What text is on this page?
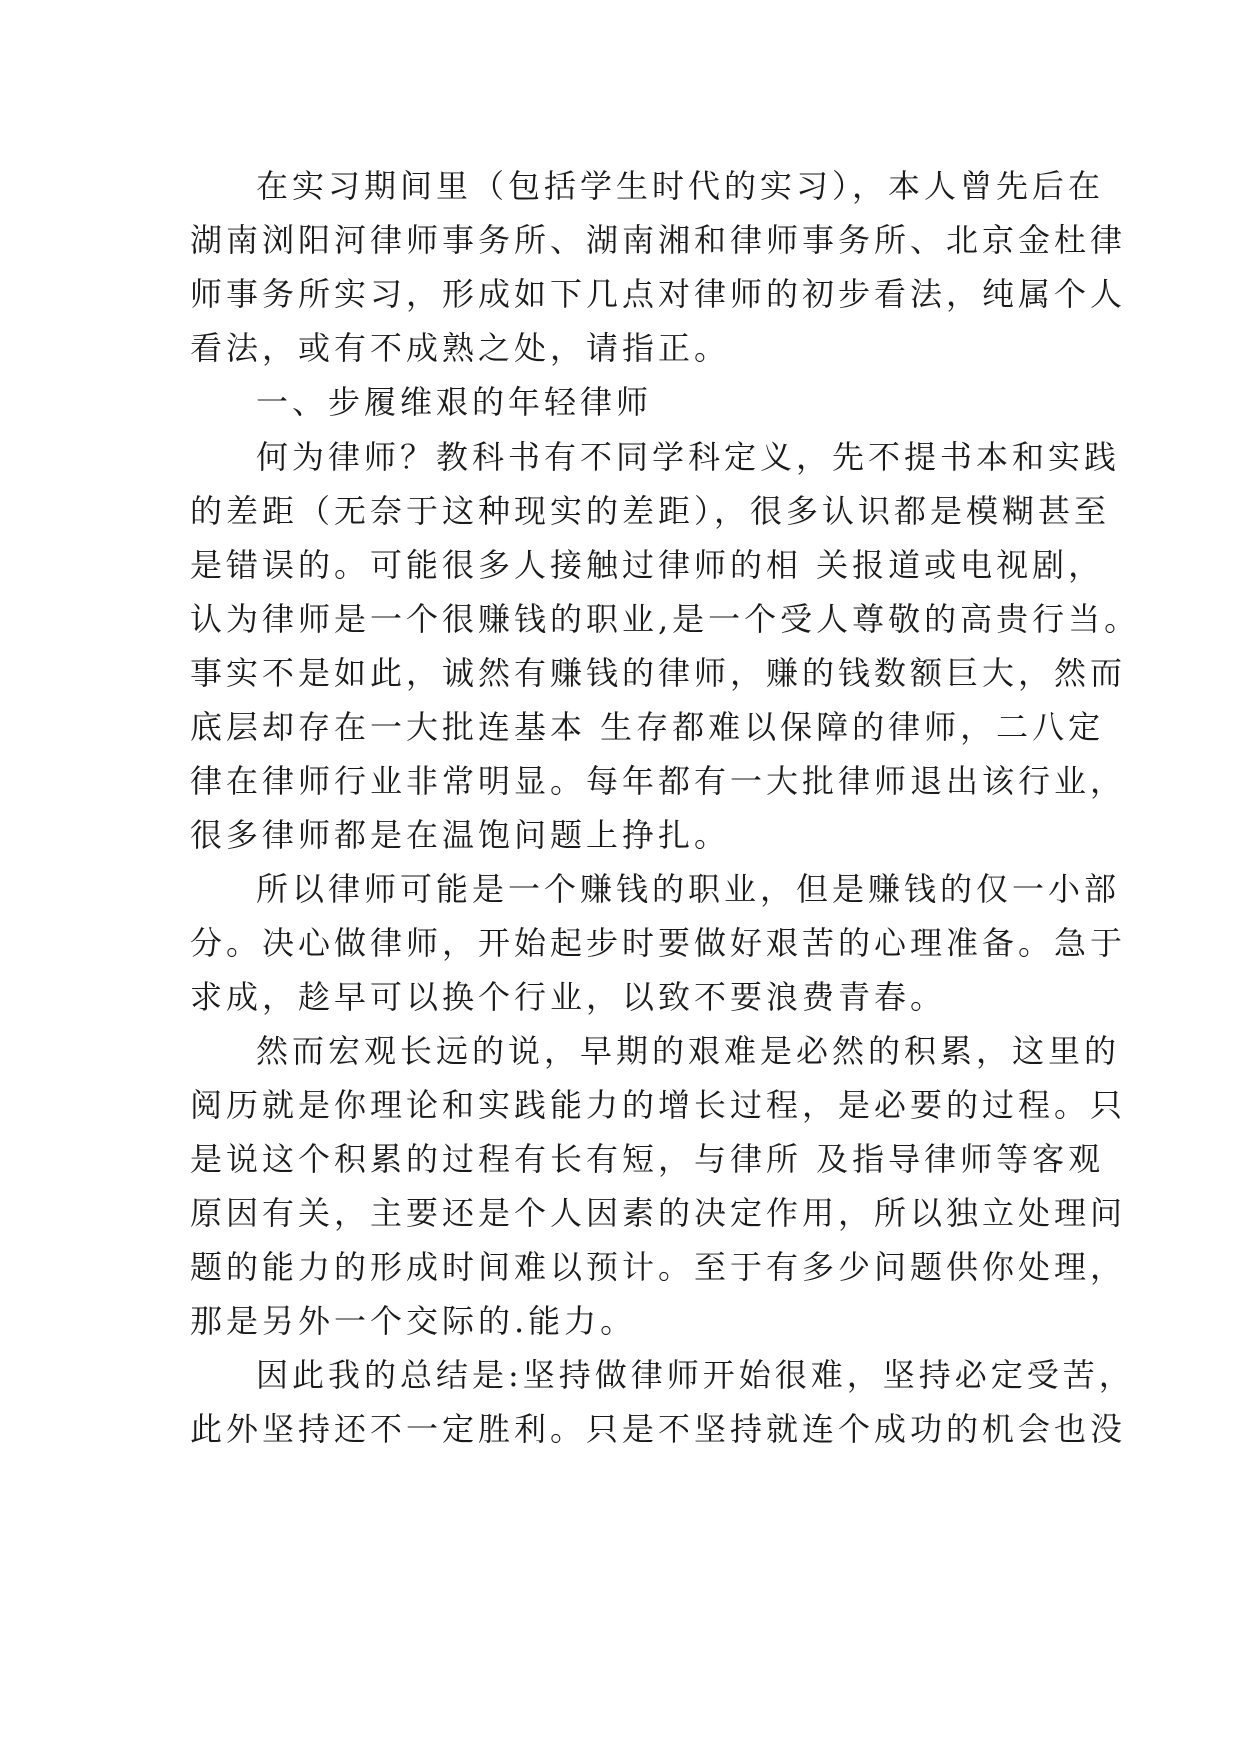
在实习期间里（包括学生时代的实习），本人曾先后在
湖南浏阳河律师事务所、湖南湘和律师事务所、北京金杜律
师事务所实习，形成如下几点对律师的初步看法，纯属个人
看法，或有不成熟之处，请指正。
一、步履维艰的年轻律师
何为律师？教科书有不同学科定义，先不提书本和实践
的差距（无奈于这种现实的差距），很多认识都是模糊甚至
是错误的。可能很多人接触过律师的相 关报道或电视剧，
认为律师是一个很赚钱的职业,是一个受人尊敬的高贵行当。
事实不是如此，诚然有赚钱的律师，赚的钱数额巨大，然而
底层却存在一大批连基本 生存都难以保障的律师，二八定
律在律师行业非常明显。每年都有一大批律师退出该行业，
很多律师都是在温饱问题上挣扎。
所以律师可能是一个赚钱的职业，但是赚钱的仅一小部
分。决心做律师，开始起步时要做好艰苦的心理准备。急于
求成，趁早可以换个行业，以致不要浪费青春。
然而宏观长远的说，早期的艰难是必然的积累，这里的
阅历就是你理论和实践能力的增长过程，是必要的过程。只
是说这个积累的过程有长有短，与律所 及指导律师等客观
原因有关，主要还是个人因素的决定作用，所以独立处理问
题的能力的形成时间难以预计。至于有多少问题供你处理，
那是另外一个交际的.能力。
因此我的总结是:坚持做律师开始很难，坚持必定受苦，
此外坚持还不一定胜利。只是不坚持就连个成功的机会也没
